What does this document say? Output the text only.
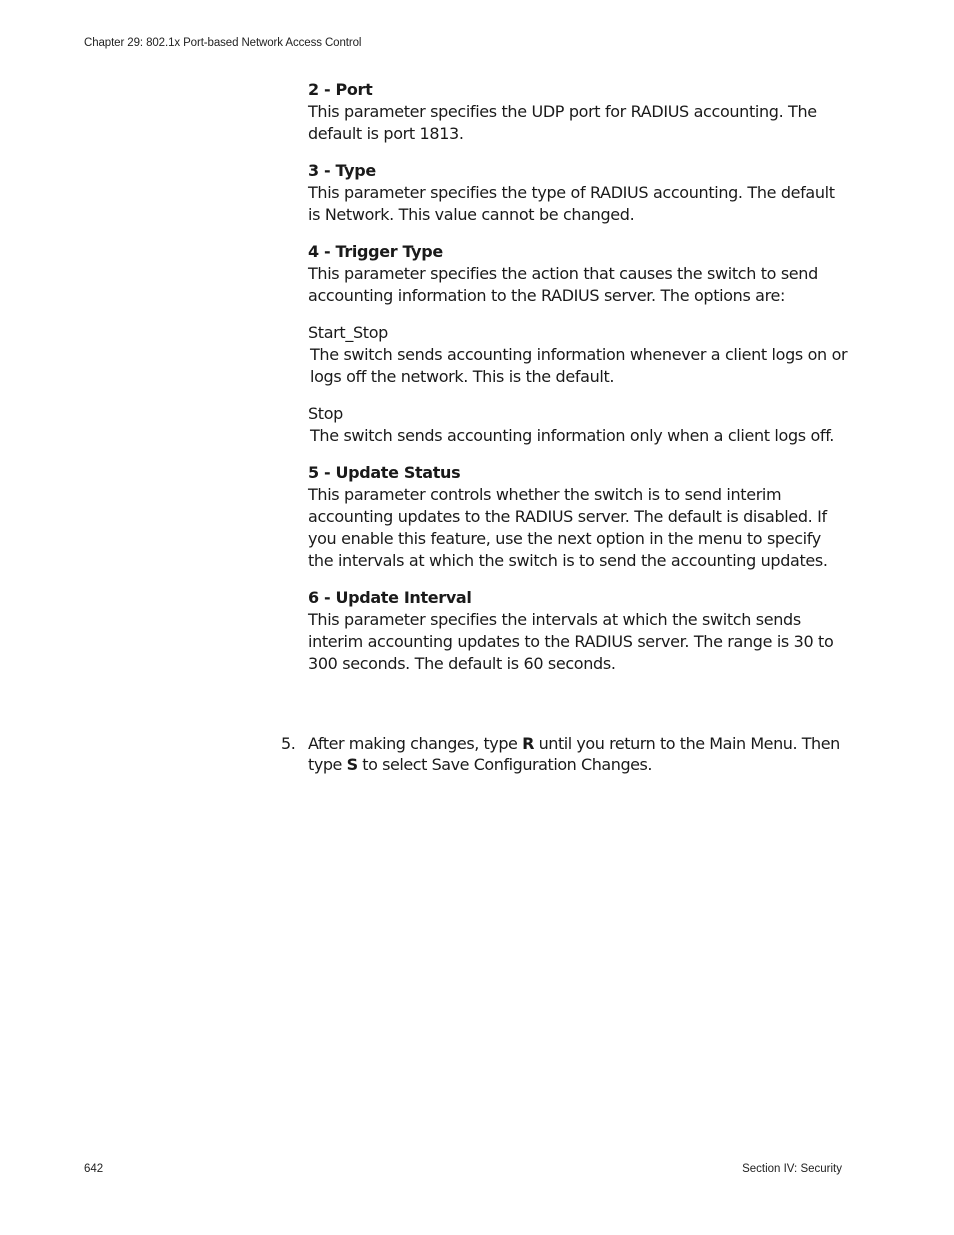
Chapter 29: 802.1x Port-based Network Access Control
2 - Port
This parameter specifies the UDP port for RADIUS accounting. The default is port 1813.
3 - Type
This parameter specifies the type of RADIUS accounting. The default is Network. This value cannot be changed.
4 - Trigger Type
This parameter specifies the action that causes the switch to send accounting information to the RADIUS server. The options are:
Start_Stop
The switch sends accounting information whenever a client logs on or logs off the network. This is the default.
Stop
The switch sends accounting information only when a client logs off.
5 - Update Status
This parameter controls whether the switch is to send interim accounting updates to the RADIUS server. The default is disabled. If you enable this feature, use the next option in the menu to specify the intervals at which the switch is to send the accounting updates.
6 - Update Interval
This parameter specifies the intervals at which the switch sends interim accounting updates to the RADIUS server. The range is 30 to 300 seconds. The default is 60 seconds.
5. After making changes, type R until you return to the Main Menu. Then type S to select Save Configuration Changes.
642	Section IV: Security
